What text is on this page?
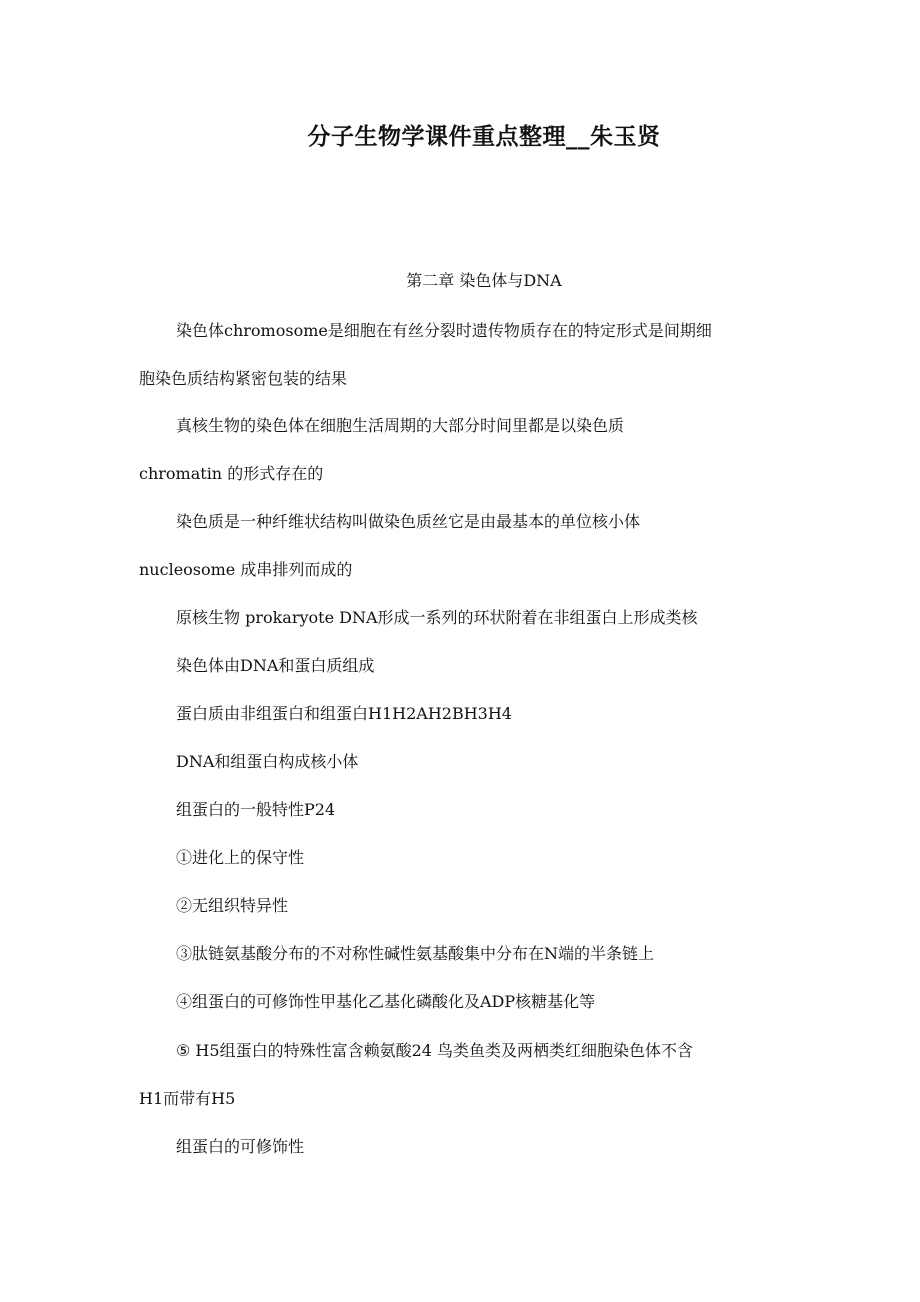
分子生物学课件重点整理__朱玉贤

第二章 染色体与DNA

染色体chromosome是细胞在有丝分裂时遗传物质存在的特定形式是间期细

胞染色质结构紧密包装的结果

真核生物的染色体在细胞生活周期的大部分时间里都是以染色质

chromatin 的形式存在的

染色质是一种纤维状结构叫做染色质丝它是由最基本的单位核小体

nucleosome 成串排列而成的

原核生物 prokaryote DNA形成一系列的环状附着在非组蛋白上形成类核

染色体由DNA和蛋白质组成

蛋白质由非组蛋白和组蛋白H1H2AH2BH3H4

DNA和组蛋白构成核小体

组蛋白的一般特性P24

①进化上的保守性

②无组织特异性

③肽链氨基酸分布的不对称性碱性氨基酸集中分布在N端的半条链上

④组蛋白的可修饰性甲基化乙基化磷酸化及ADP核糖基化等

⑤ H5组蛋白的特殊性富含赖氨酸24 鸟类鱼类及两栖类红细胞染色体不含

H1而带有H5

组蛋白的可修饰性
